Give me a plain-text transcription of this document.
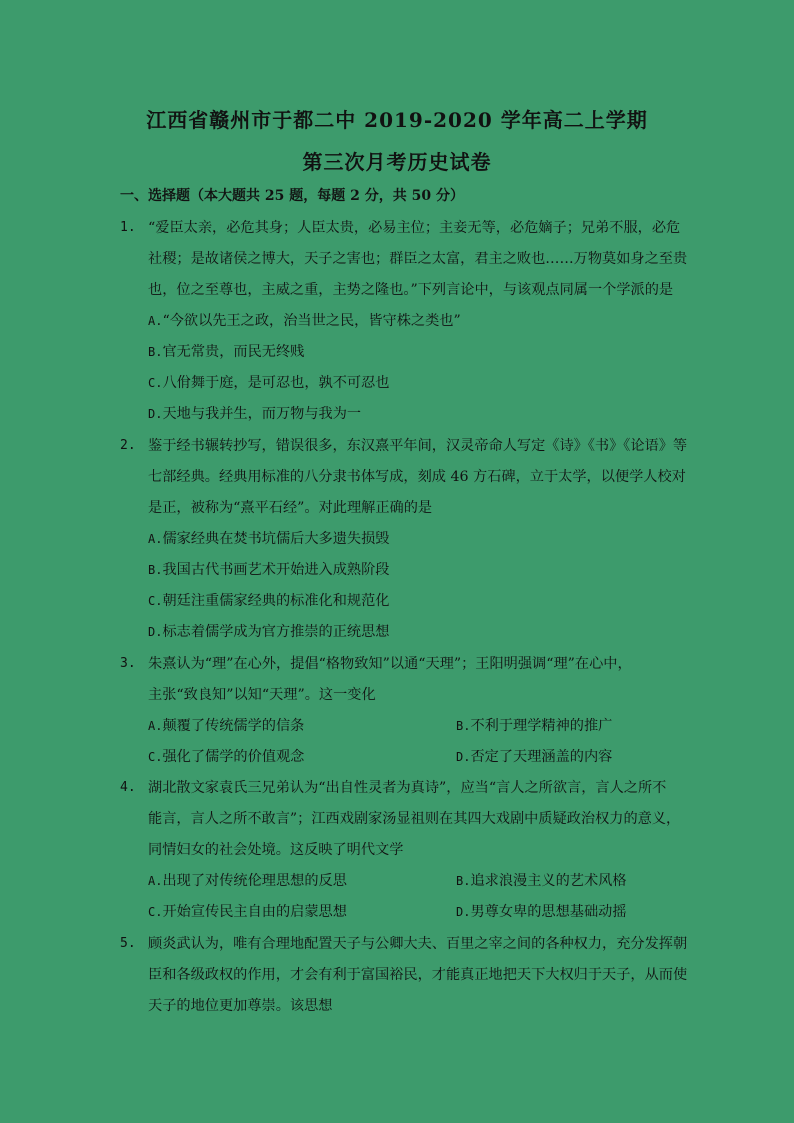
江西省赣州市于都二中 2019-2020 学年高二上学期
第三次月考历史试卷
一、选择题（本大题共 25 题，每题 2 分，共 50 分）
1. “爱臣太亲，必危其身；人臣太贵，必易主位；主妾无等，必危嫡子；兄弟不服，必危
社稷；是故诸侯之博大，天子之害也；群臣之太富，君主之败也……万物莫如身之至贵
也，位之至尊也，主威之重，主势之隆也。”下列言论中，与该观点同属一个学派的是
A.“今欲以先王之政，治当世之民，皆守株之类也”
B.官无常贵，而民无终贱
C.八佾舞于庭，是可忍也，孰不可忍也
D.天地与我并生，而万物与我为一
2. 鉴于经书辗转抄写，错误很多，东汉熹平年间，汉灵帝命人写定《诗》《书》《论语》等
七部经典。经典用标准的八分隶书体写成，刻成 46 方石碑，立于太学，以便学人校对
是正，被称为“熹平石经”。对此理解正确的是
A.儒家经典在焚书坑儒后大多遗失损毁
B.我国古代书画艺术开始进入成熟阶段
C.朝廷注重儒家经典的标准化和规范化
D.标志着儒学成为官方推崇的正统思想
3. 朱熹认为“理”在心外，提倡“格物致知”以通“天理”；王阳明强调“理”在心中，
主张“致良知”以知“天理”。这一变化
A.颠覆了传统儒学的信条	B.不利于理学精神的推广
C.强化了儒学的价值观念	D.否定了天理涵盖的内容
4. 湖北散文家袁氏三兄弟认为“出自性灵者为真诗”，应当“言人之所欲言，言人之所不
能言，言人之所不敢言”；江西戏剧家汤显祖则在其四大戏剧中质疑政治权力的意义，
同情妇女的社会处境。这反映了明代文学
A.出现了对传统伦理思想的反思	B.追求浪漫主义的艺术风格
C.开始宣传民主自由的启蒙思想	D.男尊女卑的思想基础动摇
5. 顾炎武认为，唯有合理地配置天子与公卿大夫、百里之宰之间的各种权力，充分发挥朝
臣和各级政权的作用，才会有利于富国裕民，才能真正地把天下大权归于天子，从而使
天子的地位更加尊崇。该思想
